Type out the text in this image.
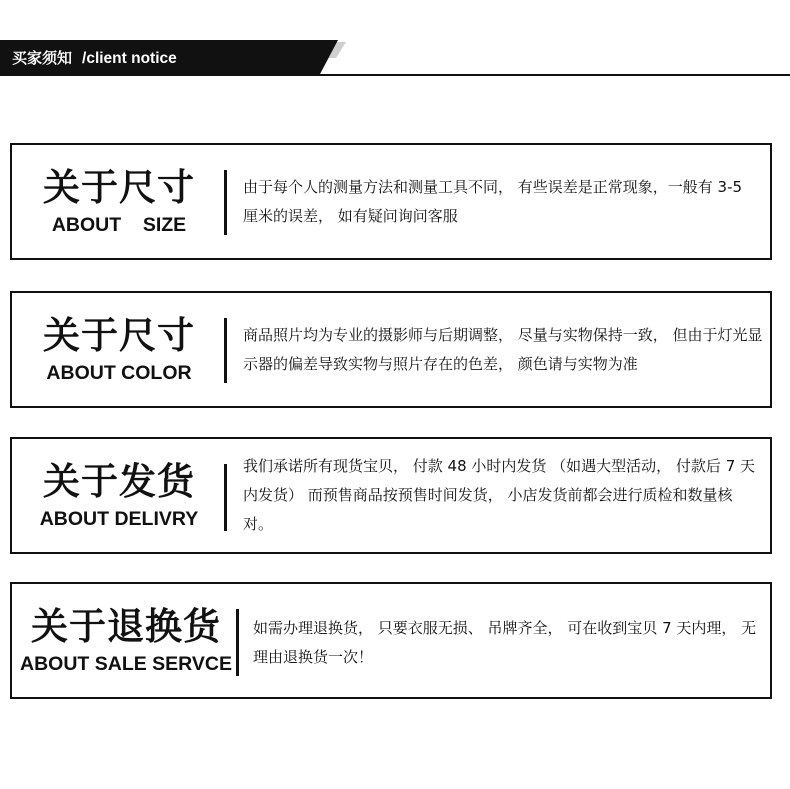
买家须知 /client notice
关于尺寸
ABOUT    SIZE
由于每个人的测量方法和测量工具不同， 有些误差是正常现象，一般有 3-5 厘米的误差， 如有疑问询问客服
关于尺寸
ABOUT COLOR
商品照片均为专业的摄影师与后期调整， 尽量与实物保持一致， 但由于灯光显示器的偏差导致实物与照片存在的色差， 颜色请与实物为准
关于发货
ABOUT DELIVRY
我们承诺所有现货宝贝， 付款 48 小时内发货 （如遇大型活动， 付款后 7 天内发货） 而预售商品按预售时间发货， 小店发货前都会进行质检和数量核对。
关于退换货
ABOUT SALE SERVCE
如需办理退换货， 只要衣服无损、 吊牌齐全， 可在收到宝贝 7 天内理， 无理由退换货一次！
